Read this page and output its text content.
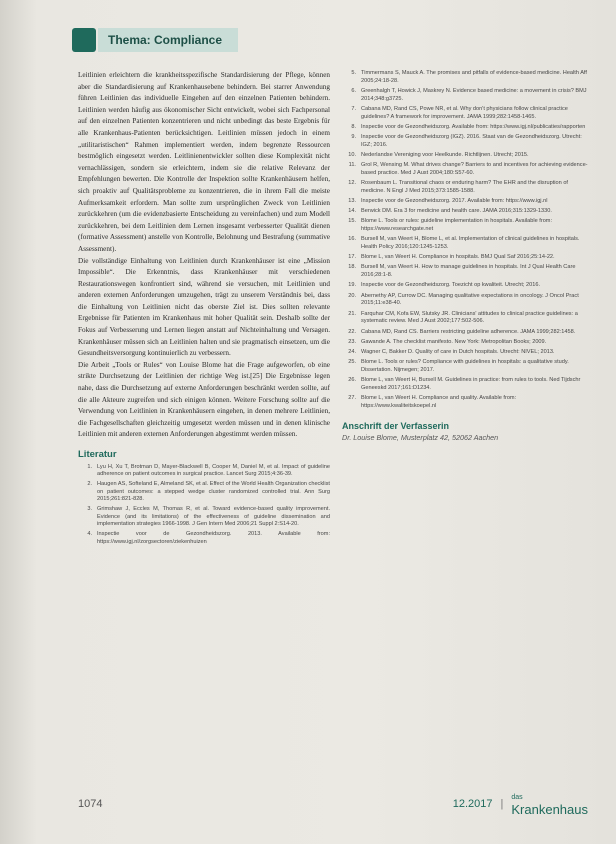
Thema: Compliance

Leitlinien erleichtern die krankheitsspezifische Standardisierung der Pflege, können aber die Standardisierung auf Krankenhausebene behindern. Bei starrer Anwendung führen Leitlinien das individuelle Eingehen auf den einzelnen Patienten behindern. Leitlinien werden häufig aus ökonomischer Sicht entwickelt, wobei sich Fachpersonal auf den einzelnen Patienten konzentrieren und nicht unbedingt das beste Ergebnis für alle Krankenhaus-Patienten berücksichtigen. Leitlinien müssen jedoch in einem „utilitaristischen“ Rahmen implementiert werden, indem begrenzte Ressourcen bestmöglich eingesetzt werden. Leitlinienentwickler sollten diese Komplexität nicht vernachlässigen, sondern sie erleichtern, indem sie die relative Relevanz der Empfehlungen bewerten. Die Kontrolle der Inspektion sollte Krankenhäusern helfen, sich proaktiv auf Qualitätsprobleme zu konzentrieren, die in ihrem Fall die meiste Aufmerksamkeit erfordern. Man sollte zum ursprünglichen Zweck von Leitlinien zurückkehren (um die evidenzbasierte Entscheidung zu vereinfachen) und zum Modell zurückkehren, bei dem Leitlinien dem Lernen insgesamt verbesserter Qualität dienen (formative Assessment) anstelle von Kontrolle, Belohnung und Bestrafung (summative Assessment).

Die vollständige Einhaltung von Leitlinien durch Krankenhäuser ist eine „Mission Impossible“. Die Erkenntnis, dass Krankenhäuser mit verschiedenen Restaurationswegen konfrontiert sind, während sie versuchen, mit Leitlinien und anderen externen Anforderungen umzugehen, trägt zu unserem Verständnis bei, dass die Einhaltung von Leitlinien nicht das oberste Ziel ist. Dies sollten relevante Ergebnisse für Patienten im Krankenhaus mit hoher Qualität sein. Deshalb sollte der Fokus auf Verbesserung und Lernen liegen anstatt auf Nichteinhaltung und Versagen. Krankenhäuser müssen sich an Leitlinien halten und sie pragmatisch einsetzen, um die Gesundheitsversorgung kontinuierlich zu verbessern.

Die Arbeit „Tools or Rules“ von Louise Blome hat die Frage aufgeworfen, ob eine strikte Durchsetzung der Leitlinien der richtige Weg ist.[25] Die Ergebnisse legen nahe, dass die Durchsetzung auf externe Anforderungen beschränkt werden sollte, auf die alle Akteure zugreifen und sich einigen können. Weitere Forschung sollte auf die Verwendung von Leitlinien in Krankenhäusern eingehen, in denen mehrere Leitlinien, die Fachgesellschaften gleichzeitig umgesetzt werden müssen und in denen klinische Leitlinien mit anderen externen Anforderungen abgestimmt werden müssen.

Literatur
1. Lyu H, Xu T, Brotman D, Mayer-Blackwell B, Cooper M, Daniel M, et al. Impact of guideline adherence on patient outcomes in surgical practice. Lancet Surg 2015;4:36-39.
2. Haugen AS, Softeland E, Almeland SK, et al. Effect of the World Health Organization checklist on patient outcomes: a stepped wedge cluster randomized controlled trial. Ann Surg 2015;261:821-828.
3. Grimshaw J, Eccles M, Thomas R, et al. Toward evidence-based quality improvement. Evidence (and its limitations) of the effectiveness of guideline dissemination and implementation strategies 1966-1998. J Gen Intern Med 2006;21 Suppl 2:S14-20.
4. Inspectie voor de Gezondheidszorg. 2013. Available from: https://www.igj.nl/zorgsectoren/ziekenhuizen
5. Timmermans S, Mauck A. The promises and pitfalls of evidence-based medicine. Health Aff 2005;24:18-28.
6. Greenhalgh T, Howick J, Maskrey N. Evidence based medicine: a movement in crisis? BMJ 2014;348:g3725.
7. Cabana MD, Rand CS, Powe NR, et al. Why don't physicians follow clinical practice guidelines? A framework for improvement. JAMA 1999;282:1458-1465.
8. Inspectie voor de Gezondheidszorg. Available from: https://www.igj.nl/publicaties/rapporten
9. Inspectie voor de Gezondheidszorg (IGZ). 2016. Staat van de Gezondheidszorg. Utrecht: IGZ; 2016.
10. Nederlandse Vereniging voor Heelkunde. Richtlijnen. Utrecht; 2015.
11. Grol R, Wensing M. What drives change? Barriers to and incentives for achieving evidence-based practice. Med J Aust 2004;180:S57-60.
12. Rosenbaum L. Transitional chaos or enduring harm? The EHR and the disruption of medicine. N Engl J Med 2015;373:1585-1588.
13. Inspectie voor de Gezondheidszorg. 2017. Available from: https://www.igj.nl
14. Berwick DM. Era 3 for medicine and health care. JAMA 2016;315:1329-1330.
15. Blome L. Tools or rules: guideline implementation in hospitals. Available from: https://www.researchgate.net
16. Bursell M, van Weert H, Blome L, et al. Implementation of clinical guidelines in hospitals. Health Policy 2016;120:1245-1253.
17. Blome L, van Weert H. Compliance in hospitals. BMJ Qual Saf 2016;25:14-22.
18. Bursell M, van Weert H. How to manage guidelines in hospitals. Int J Qual Health Care 2016;28:1-8.
19. Inspectie voor de Gezondheidszorg. Toezicht op kwaliteit. Utrecht; 2016.
20. Abernethy AP, Currow DC. Managing qualitative expectations in oncology. J Oncol Pract 2015;11:e38-40.
21. Farquhar CM, Kofa EW, Slutsky JR. Clinicians' attitudes to clinical practice guidelines: a systematic review. Med J Aust 2002;177:502-506.
22. Cabana MD, Rand CS. Barriers restricting guideline adherence. JAMA 1999;282:1458.
23. Gawande A. The checklist manifesto. New York: Metropolitan Books; 2009.
24. Wagner C, Bakker D. Quality of care in Dutch hospitals. Utrecht: NIVEL; 2013.
25. Blome L. Tools or rules? Compliance with guidelines in hospitals: a qualitative study. Dissertation. Nijmegen; 2017.
26. Blome L, van Weert H, Bursell M. Guidelines in practice: from rules to tools. Ned Tijdschr Geneeskd 2017;161:D1234.
27. Blome L, van Weert H. Compliance and quality. Available from: https://www.kwaliteitskoepel.nl
Anschrift der Verfasserin
Dr. Louise Blome, Musterplatz 42, 52062 Aachen
1074	12.2017 |
das
Krankenhaus
